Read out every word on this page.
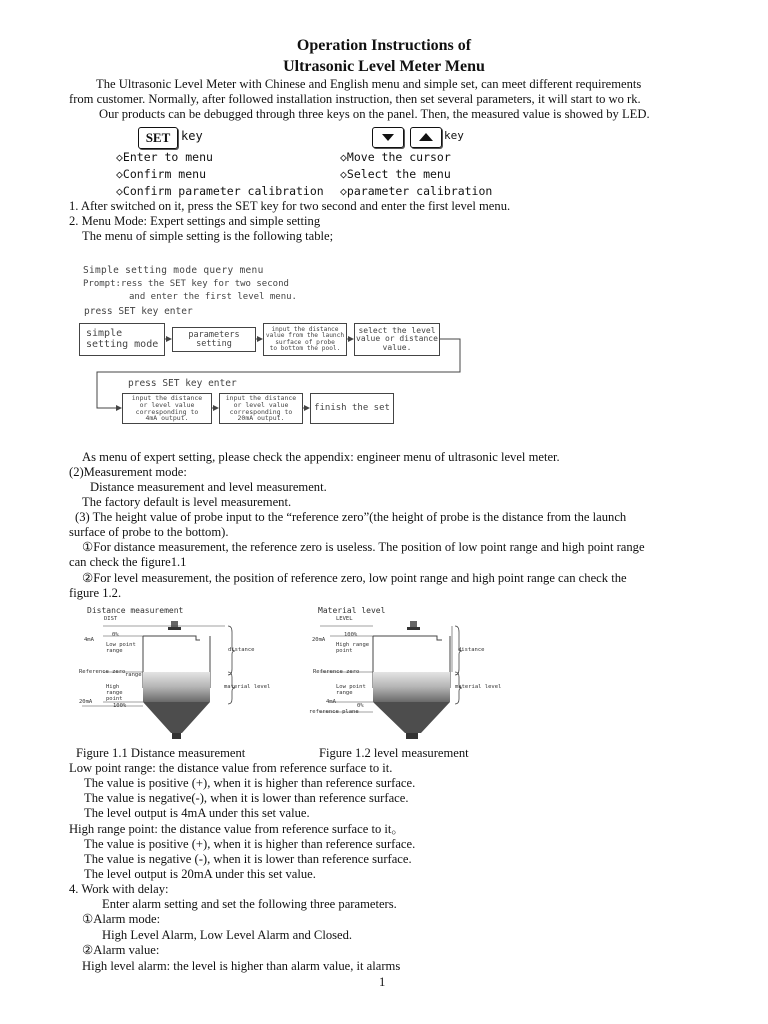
Operation Instructions of
Ultrasonic Level Meter Menu
The Ultrasonic Level Meter with Chinese and English menu and simple set, can meet different requirements
from customer. Normally, after followed installation instruction, then set several parameters, it will start to wo rk.
Our products can be debugged through three keys on the panel. Then, the measured value is showed by LED.
SET key	key
◇Enter to menu
◇Confirm menu
◇Confirm parameter calibration
◇Move the cursor
◇Select the menu
◇parameter calibration
1. After switched on it, press the SET key for two second and enter the first level menu.
2. Menu Mode: Expert settings and simple setting
The menu of simple setting is the following table;
Simple setting mode query menu
Prompt:ress the SET key for two second
and enter the first level menu.
press SET key enter
simple setting mode
parameters setting
input the distance
value from the launch
surface of probe
to bottom the pool.
select the level
value or distance
value.
press SET key enter
input the distance
or level value
corresponding to
4mA output.
input the distance
or level value
corresponding to
20mA output.
finish the set
As menu of expert setting, please check the appendix: engineer menu of ultrasonic level meter.
(2)Measurement mode:
Distance measurement and level measurement.
The factory default is level measurement.
(3) The height value of probe input to the “reference zero”(the height of probe is the distance from the launch
surface of probe to the bottom).
①For distance measurement, the reference zero is useless. The position of low point range and high point range
can check the figure1.1
②For level measurement, the position of reference zero, low point range and high point range can check the
figure 1.2.
Distance measurement
DIST
4mA
0%
Low point range	distance
Reference zero range
High range point
material level
20mA
100%
Material level
LEVEL
20mA
100%
High range point	distance
Reference zero
Low point range
material level
4mA
0%
reference plane
Figure 1.1 Distance measurement	Figure 1.2 level measurement
Low point range: the distance value from reference surface to it.
The value is positive (+), when it is higher than reference surface.
The value is negative(-), when it is lower than reference surface.
The level output is 4mA under this set value.
High range point: the distance value from reference surface to it。
The value is positive (+), when it is higher than reference surface.
The value is negative (-), when it is lower than reference surface.
The level output is 20mA under this set value.
4. Work with delay:
Enter alarm setting and set the following three parameters.
①Alarm mode:
High Level Alarm, Low Level Alarm and Closed.
②Alarm value:
High level alarm: the level is higher than alarm value, it alarms
1
